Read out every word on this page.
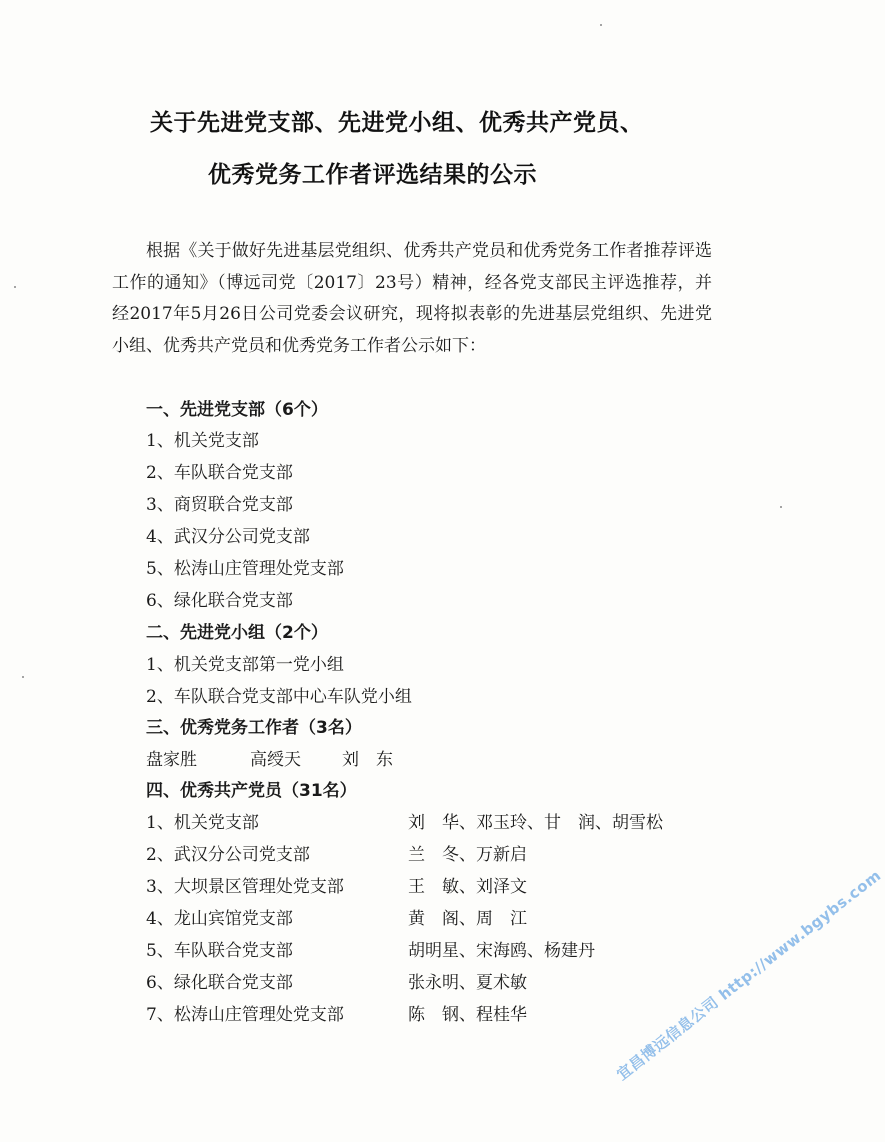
关于先进党支部、先进党小组、优秀共产党员、
优秀党务工作者评选结果的公示
根据《关于做好先进基层党组织、优秀共产党员和优秀党务工作者推荐评选工作的通知》（博远司党〔2017〕23号）精神，经各党支部民主评选推荐，并经2017年5月26日公司党委会议研究，现将拟表彰的先进基层党组织、先进党小组、优秀共产党员和优秀党务工作者公示如下：
一、先进党支部（6个）
1、机关党支部
2、车队联合党支部
3、商贸联合党支部
4、武汉分公司党支部
5、松涛山庄管理处党支部
6、绿化联合党支部
二、先进党小组（2个）
1、机关党支部第一党小组
2、车队联合党支部中心车队党小组
三、优秀党务工作者（3名）
盘家胜	高绶天 刘　东
四、优秀共产党员（31名）
1、机关党支部	刘　华、邓玉玲、甘　润、胡雪松
2、武汉分公司党支部	兰　冬、万新启
3、大坝景区管理处党支部	王　敏、刘泽文
4、龙山宾馆党支部	黄　阁、周　江
5、车队联合党支部	胡明星、宋海鸥、杨建丹
6、绿化联合党支部	张永明、夏术敏
7、松涛山庄管理处党支部	陈　钢、程桂华	宜昌博远信息公司 http://www.bgybs.com
